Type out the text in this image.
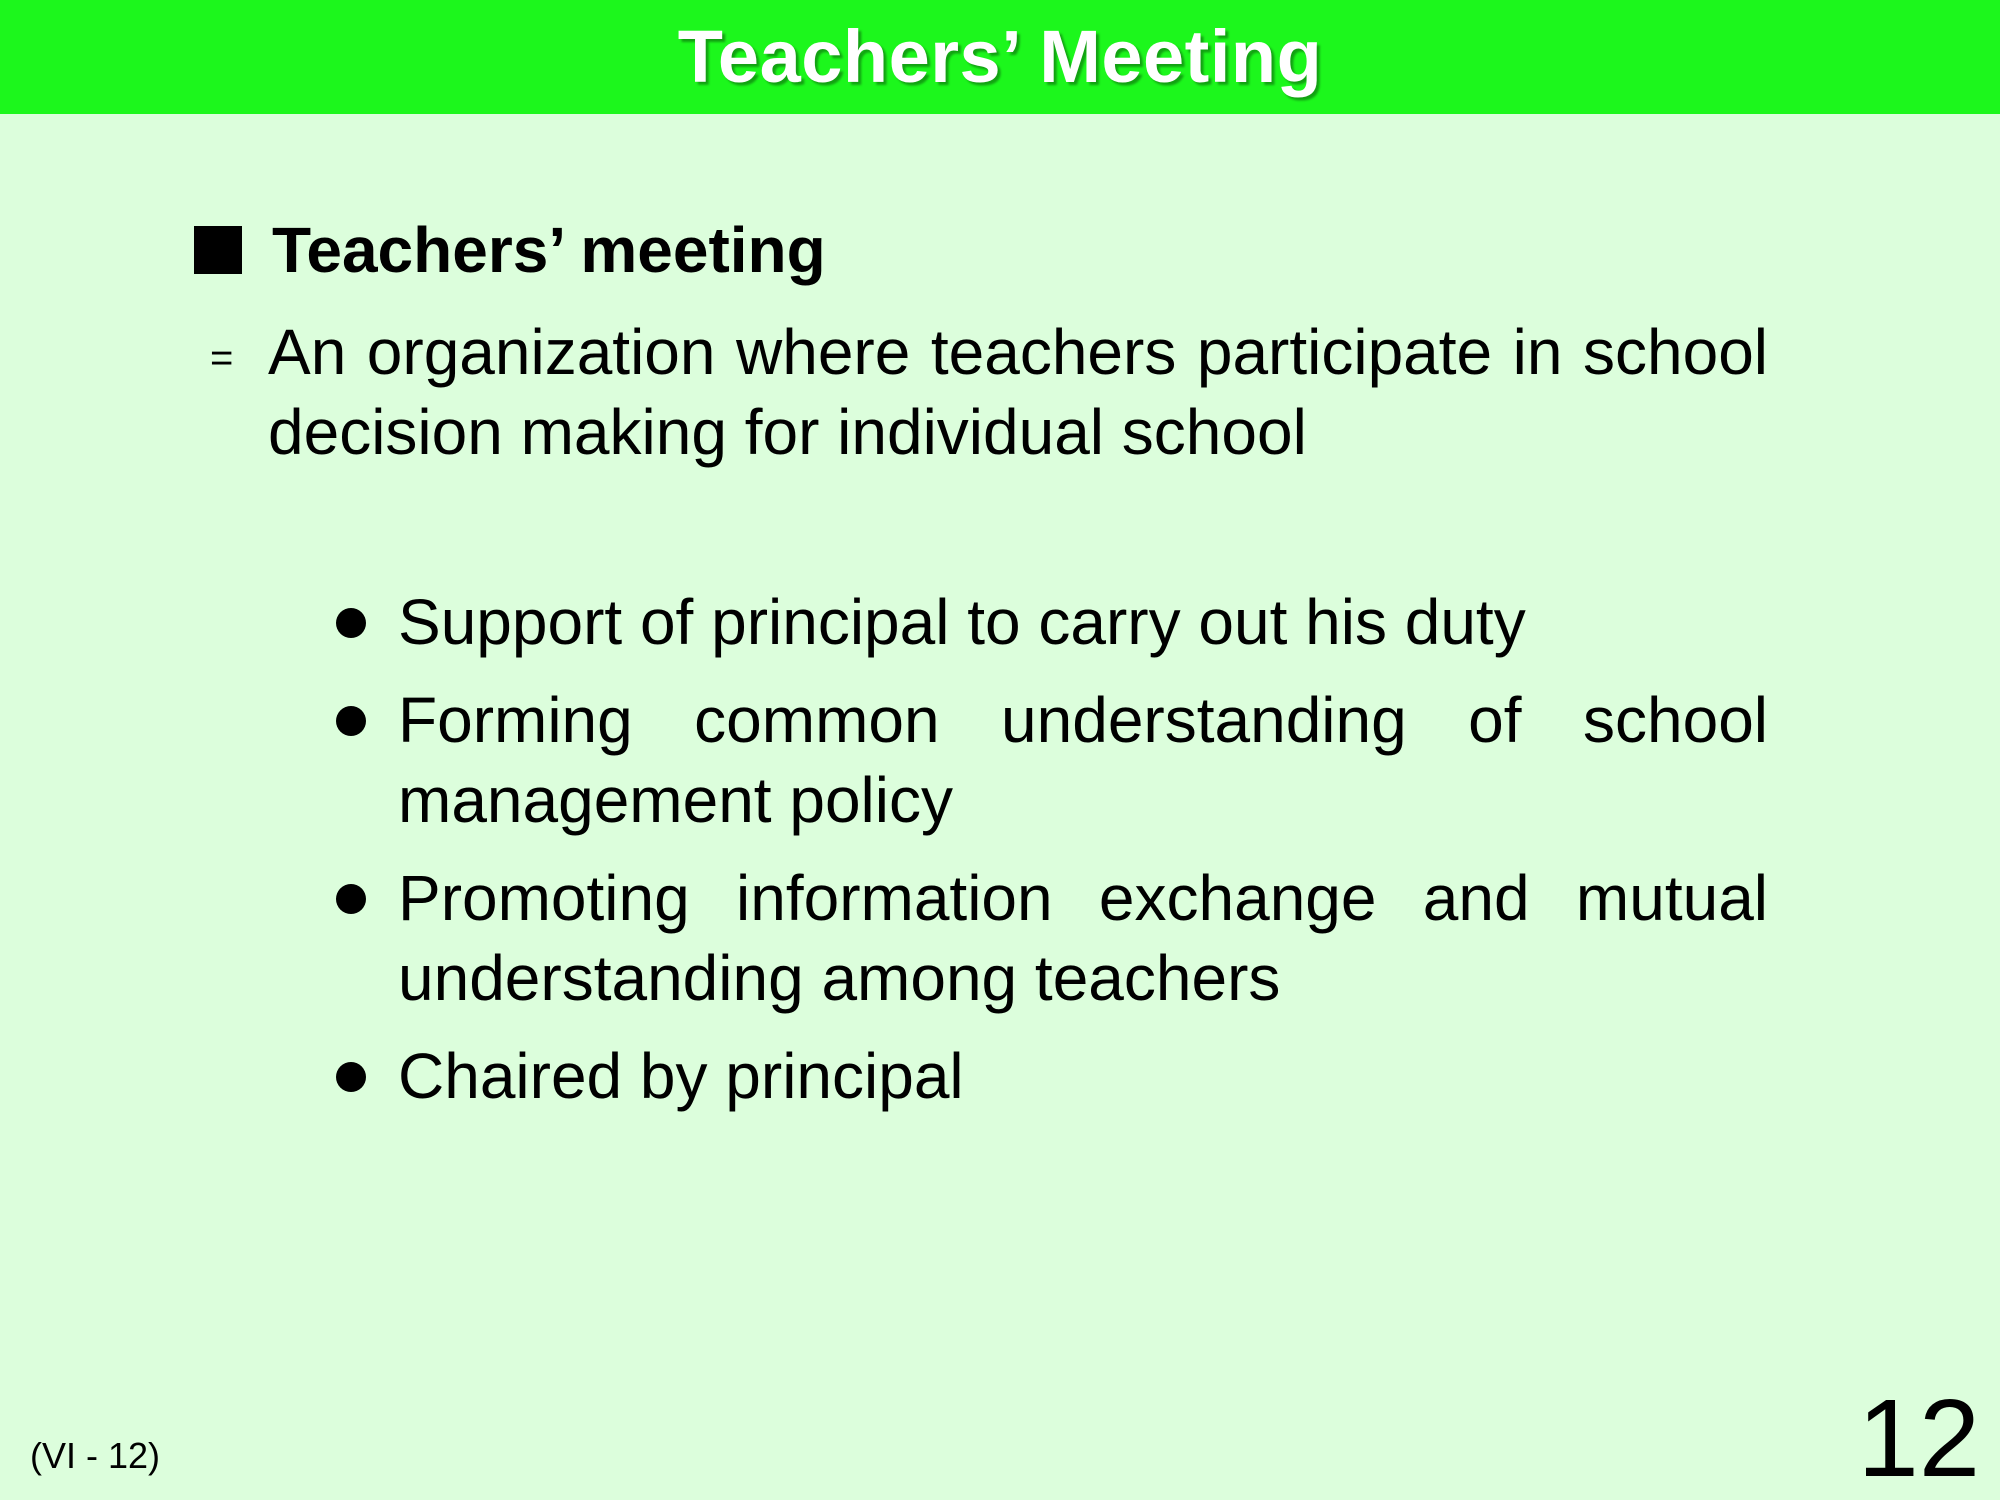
Teachers’ Meeting
Teachers’ meeting
= An organization where teachers participate in school decision making for individual school
Support of principal to carry out his duty
Forming common understanding of school management policy
Promoting information exchange and mutual understanding among teachers
Chaired by principal
(VI - 12)	12
